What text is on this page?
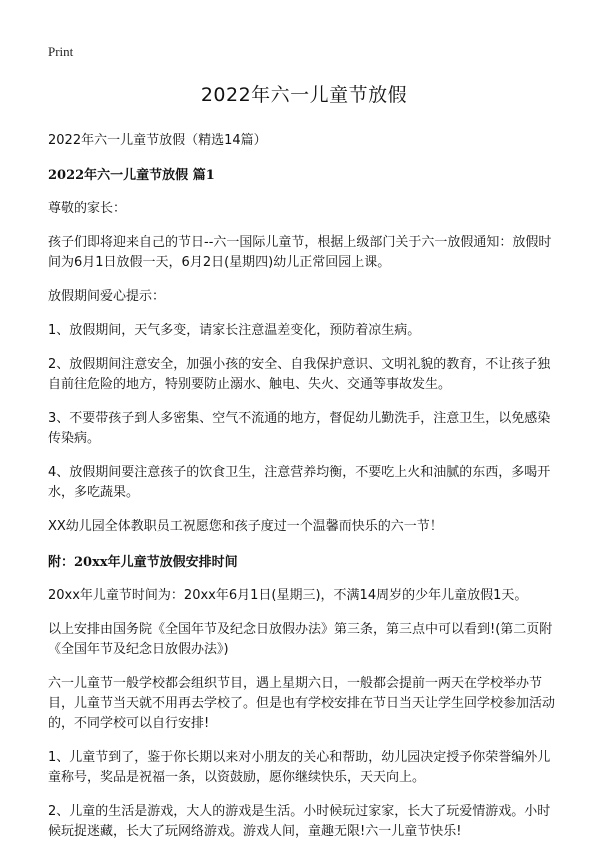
Print
2022年六一儿童节放假
2022年六一儿童节放假（精选14篇）
2022年六一儿童节放假 篇1

尊敬的家长：

孩子们即将迎来自己的节日--六一国际儿童节，根据上级部门关于六一放假通知：放假时间为6月1日放假一天，6月2日(星期四)幼儿正常回园上课。

放假期间爱心提示：

1、放假期间，天气多变，请家长注意温差变化，预防着凉生病。

2、放假期间注意安全，加强小孩的安全、自我保护意识、文明礼貌的教育，不让孩子独自前往危险的地方，特别要防止溺水、触电、失火、交通等事故发生。

3、不要带孩子到人多密集、空气不流通的地方，督促幼儿勤洗手，注意卫生，以免感染传染病。

4、放假期间要注意孩子的饮食卫生，注意营养均衡，不要吃上火和油腻的东西，多喝开水，多吃蔬果。

XX幼儿园全体教职员工祝愿您和孩子度过一个温馨而快乐的六一节！

附：20xx年儿童节放假安排时间

20xx年儿童节时间为：20xx年6月1日(星期三)，不满14周岁的少年儿童放假1天。

以上安排由国务院《全国年节及纪念日放假办法》第三条，第三点中可以看到!(第二页附《全国年节及纪念日放假办法》)

六一儿童节一般学校都会组织节目，遇上星期六日，一般都会提前一两天在学校举办节目，儿童节当天就不用再去学校了。但是也有学校安排在节日当天让学生回学校参加活动的，不同学校可以自行安排!

1、儿童节到了，鉴于你长期以来对小朋友的关心和帮助，幼儿园决定授予你荣誉编外儿童称号，奖品是祝福一条，以资鼓励，愿你继续快乐，天天向上。

2、儿童的生活是游戏，大人的游戏是生活。小时候玩过家家，长大了玩爱情游戏。小时候玩捉迷藏，长大了玩网络游戏。游戏人间，童趣无限!六一儿童节快乐!
